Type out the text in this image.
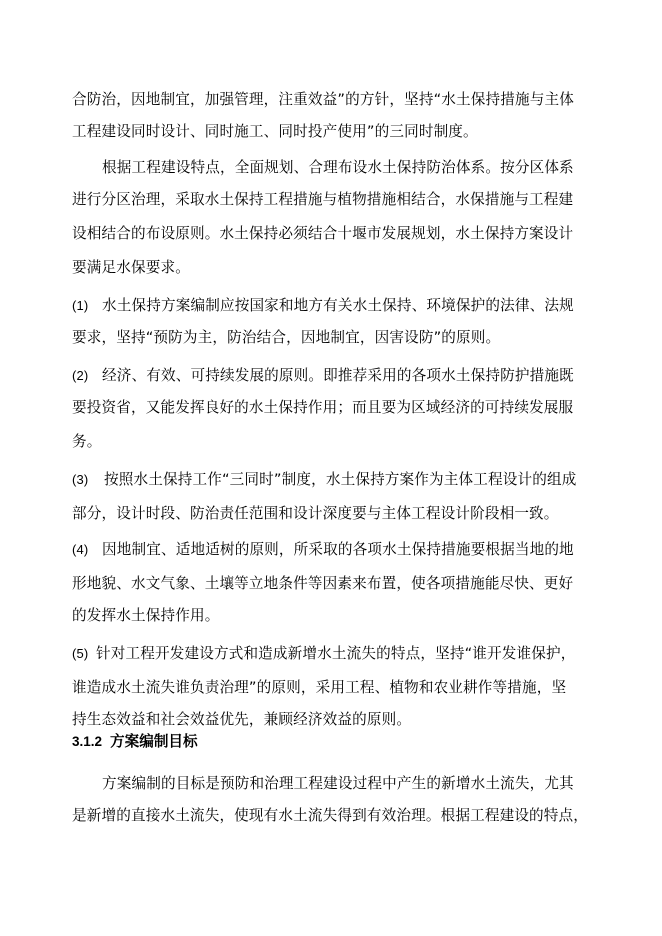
合防治，因地制宜，加强管理，注重效益”的方针，坚持“水土保持措施与主体
工程建设同时设计、同时施工、同时投产使用”的三同时制度。
根据工程建设特点，全面规划、合理布设水土保持防治体系。按分区体系
进行分区治理，采取水土保持工程措施与植物措施相结合，水保措施与工程建
设相结合的布设原则。水土保持必须结合十堰市发展规划，水土保持方案设计
要满足水保要求。
(1) 水土保持方案编制应按国家和地方有关水土保持、环境保护的法律、法规
要求，坚持“预防为主，防治结合，因地制宜，因害设防”的原则。
(2) 经济、有效、可持续发展的原则。即推荐采用的各项水土保持防护措施既
要投资省，又能发挥良好的水土保持作用；而且要为区域经济的可持续发展服
务。
(3) 按照水土保持工作“三同时”制度，水土保持方案作为主体工程设计的组成
部分，设计时段、防治责任范围和设计深度要与主体工程设计阶段相一致。
(4) 因地制宜、适地适树的原则，所采取的各项水土保持措施要根据当地的地
形地貌、水文气象、土壤等立地条件等因素来布置，使各项措施能尽快、更好
的发挥水土保持作用。
(5) 针对工程开发建设方式和造成新增水土流失的特点，坚持“谁开发谁保护，
谁造成水土流失谁负责治理”的原则，采用工程、植物和农业耕作等措施，坚
持生态效益和社会效益优先，兼顾经济效益的原则。
3.1.2 方案编制目标
方案编制的目标是预防和治理工程建设过程中产生的新增水土流失，尤其
是新增的直接水土流失，使现有水土流失得到有效治理。根据工程建设的特点，
